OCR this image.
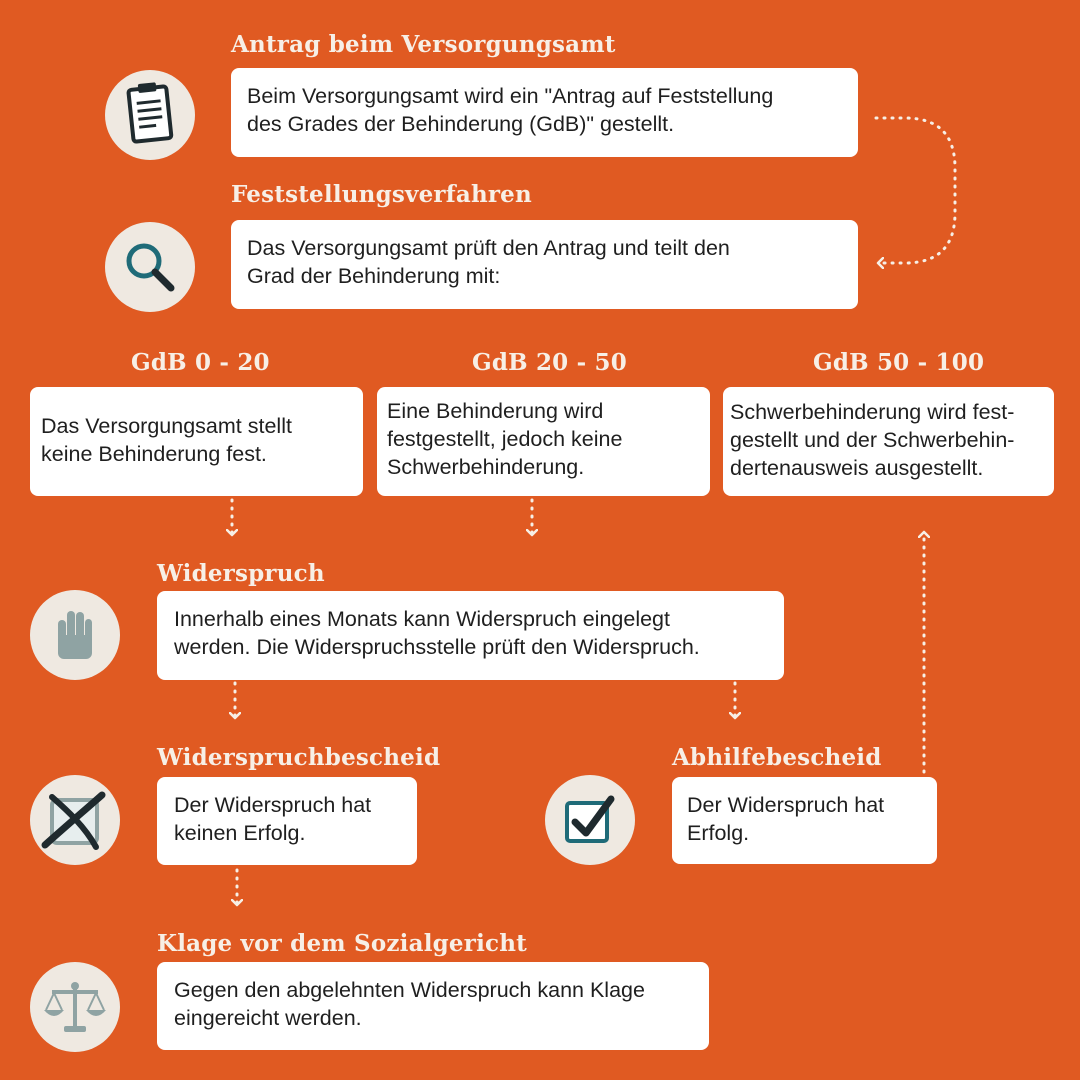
Antrag beim Versorgungsamt
Beim Versorgungsamt wird ein "Antrag auf Feststellung
des Grades der Behinderung (GdB)" gestellt.
Feststellungsverfahren
Das Versorgungsamt prüft den Antrag und teilt den
Grad der Behinderung mit:
GdB 0 - 20	GdB 20 - 50	GdB 50 - 100
Das Versorgungsamt stellt
keine Behinderung fest.
Eine Behinderung wird
festgestellt, jedoch keine
Schwerbehinderung.
Schwerbehinderung wird fest-
gestellt und der Schwerbehin-
dertenausweis ausgestellt.
Widerspruch
Innerhalb eines Monats kann Widerspruch eingelegt
werden. Die Widerspruchsstelle prüft den Widerspruch.
Widerspruchbescheid
Der Widerspruch hat
keinen Erfolg.
Abhilfebescheid
Der Widerspruch hat
Erfolg.
Klage vor dem Sozialgericht
Gegen den abgelehnten Widerspruch kann Klage
eingereicht werden.
